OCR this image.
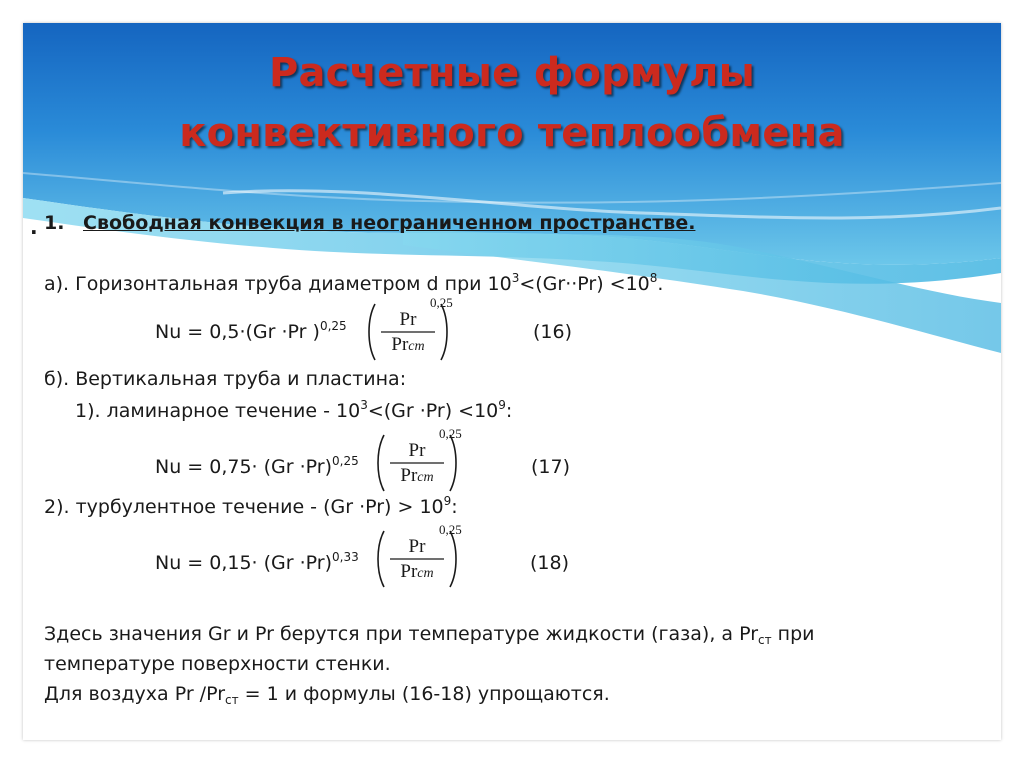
Расчетные формулы
конвективного теплообмена
· 1. Свободная конвекция в неограниченном пространстве.
а). Горизонтальная труба диаметром d при $10^3<(Gr\cdot\cdot Pr) <10^8$.
Nu = 0,5·(Gr ·Pr )$^{0,25}$	Pr
Prcm
0,25
(16)
б). Вертикальная труба и пластина:
1). ламинарное течение - $10^3<(Gr \cdot Pr) <10^9$:
$Nu = 0,75\cdot (Gr \cdot Pr)^{0,25}$	Pr
Prcm
0,25
(17)
2). турбулентное течение - $(Gr \cdot Pr) > 10^9$:
$Nu = 0,15\cdot (Gr \cdot Pr)^{0,33}$	Pr
Prcm
0,25
(18)
Здесь значения Gr и Pr берутся при температуре жидкости (газа), а $Pr_{ст}$ при
температуре поверхности стенки.
Для воздуха Pr $/Pr_{ст} = 1$ и формулы (16-18) упрощаются.
